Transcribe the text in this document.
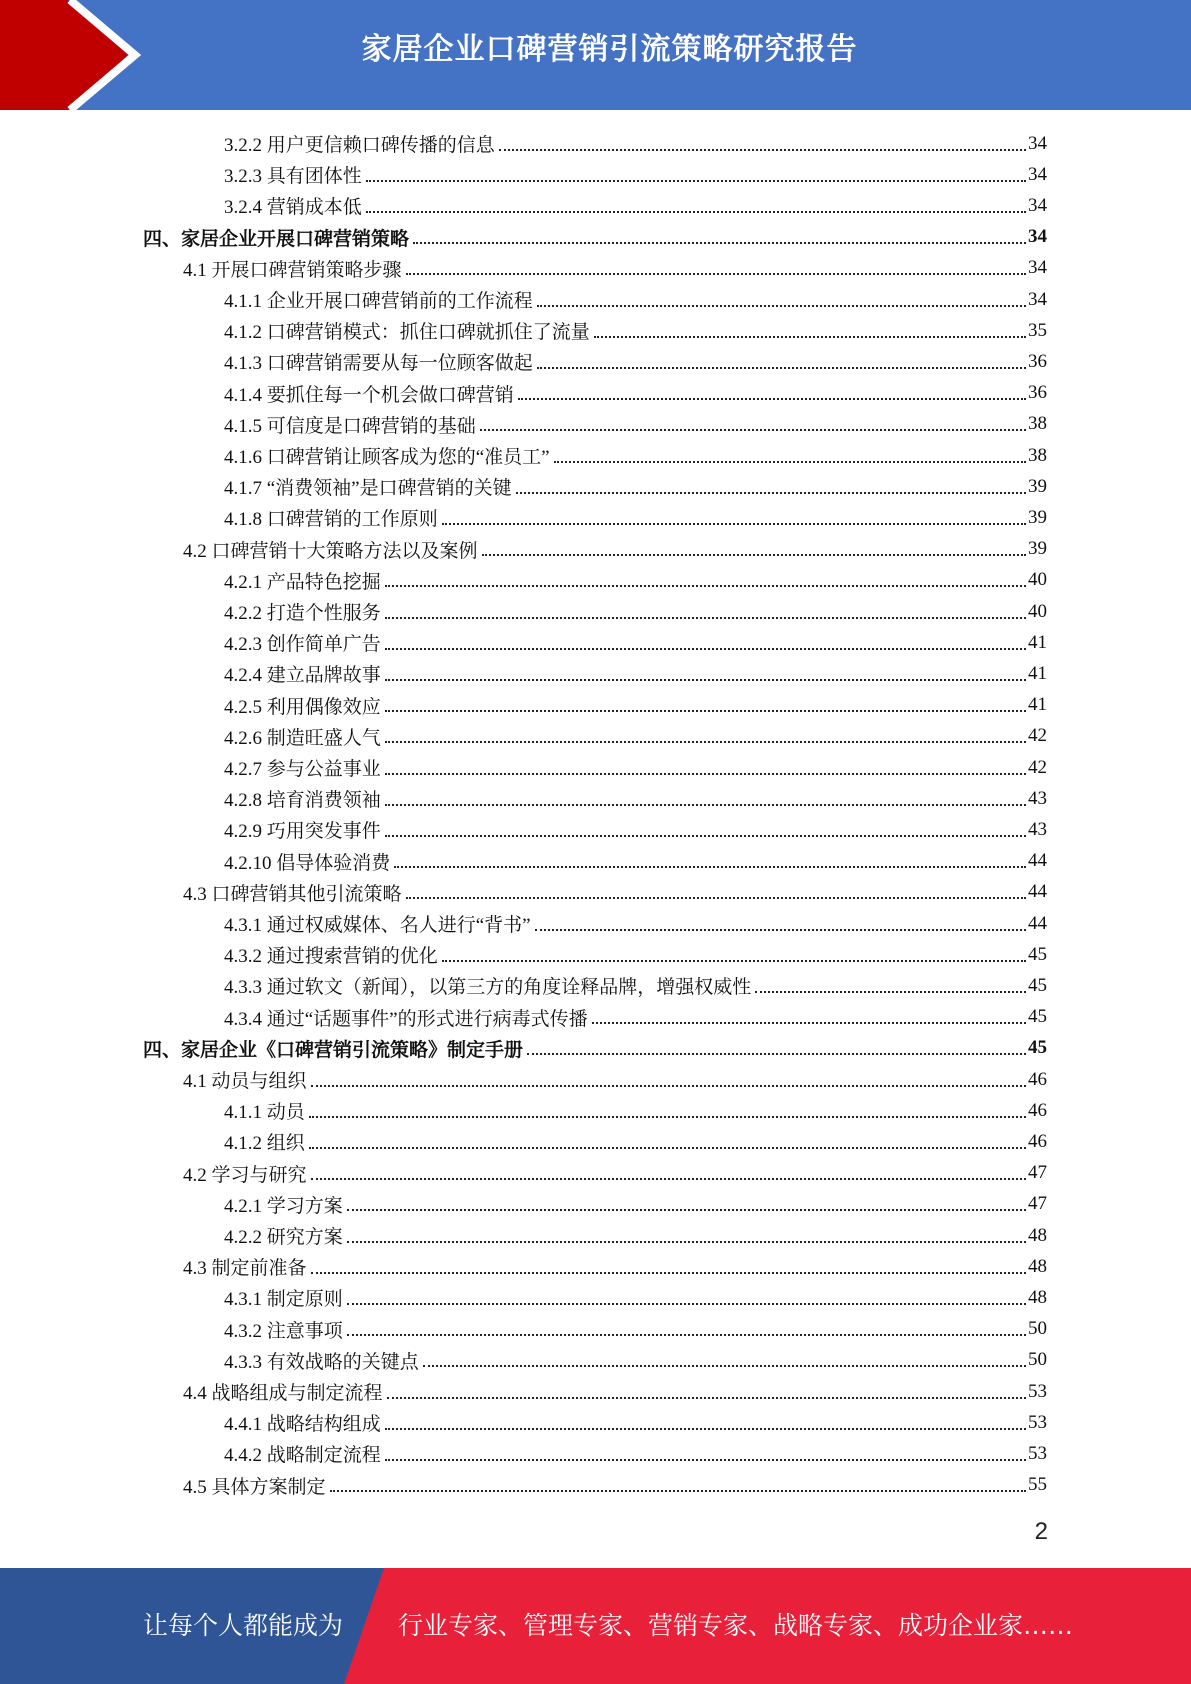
家居企业口碑营销引流策略研究报告
3.2.2 用户更信赖口碑传播的信息	34
3.2.3 具有团体性	34
3.2.4 营销成本低	34
四、家居企业开展口碑营销策略	34
4.1 开展口碑营销策略步骤	34
4.1.1 企业开展口碑营销前的工作流程	34
4.1.2 口碑营销模式：抓住口碑就抓住了流量	35
4.1.3 口碑营销需要从每一位顾客做起	36
4.1.4 要抓住每一个机会做口碑营销	36
4.1.5 可信度是口碑营销的基础	38
4.1.6 口碑营销让顾客成为您的“准员工”	38
4.1.7 “消费领袖”是口碑营销的关键	39
4.1.8 口碑营销的工作原则	39
4.2 口碑营销十大策略方法以及案例	39
4.2.1 产品特色挖掘	40
4.2.2 打造个性服务	40
4.2.3 创作简单广告	41
4.2.4 建立品牌故事	41
4.2.5 利用偶像效应	41
4.2.6 制造旺盛人气	42
4.2.7 参与公益事业	42
4.2.8 培育消费领袖	43
4.2.9 巧用突发事件	43
4.2.10 倡导体验消费	44
4.3 口碑营销其他引流策略	44
4.3.1 通过权威媒体、名人进行“背书”	44
4.3.2 通过搜索营销的优化	45
4.3.3 通过软文（新闻），以第三方的角度诠释品牌，增强权威性	45
4.3.4 通过“话题事件”的形式进行病毒式传播	45
四、家居企业《口碑营销引流策略》制定手册	45
4.1 动员与组织	46
4.1.1 动员	46
4.1.2 组织	46
4.2 学习与研究	47
4.2.1 学习方案	47
4.2.2 研究方案	48
4.3 制定前准备	48
4.3.1 制定原则	48
4.3.2 注意事项	50
4.3.3 有效战略的关键点	50
4.4 战略组成与制定流程	53
4.4.1 战略结构组成	53
4.4.2 战略制定流程	53
4.5 具体方案制定	55
2
让每个人都能成为 行业专家、管理专家、营销专家、战略专家、成功企业家……
